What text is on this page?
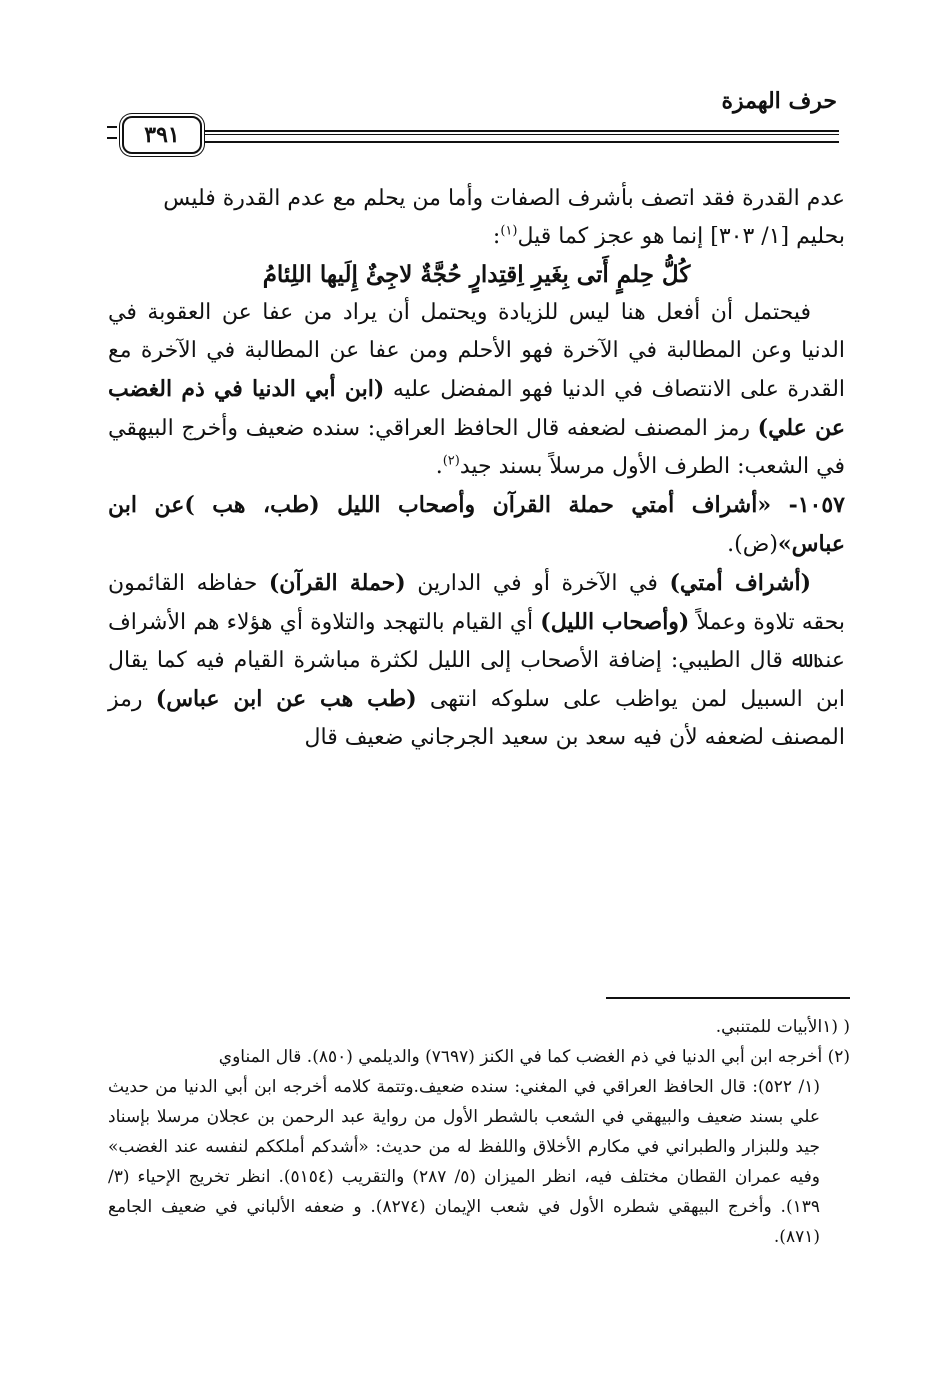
حرف الهمزة
٣٩١

عدم القدرة فقد اتصف بأشرف الصفات وأما من يحلم مع عدم القدرة فليس

بحليم [١/ ٣٠٣] إنما هو عجز كما قيل$^{(١)}$:

كُلُّ حِلمٍ أَتى بِغَيرِ اِقتِدارٍ حُجَّةٌ لاجِئٌ إِلَيها اللِئامُ

فيحتمل أن أفعل هنا ليس للزيادة ويحتمل أن يراد من عفا عن العقوبة في الدنيا وعن المطالبة في الآخرة فهو الأحلم ومن عفا عن المطالبة في الآخرة مع القدرة على الانتصاف في الدنيا فهو المفضل عليه (ابن أبي الدنيا في ذم الغضب عن علي) رمز المصنف لضعفه قال الحافظ العراقي: سنده ضعيف وأخرج البيهقي في الشعب: الطرف الأول مرسلاً بسند جيد$^{(٢)}$.

١٠٥٧- «أشراف أمتي حملة القرآن وأصحاب الليل (طب، هب )عن ابن عباس»(ض).

(أشراف أمتي) في الآخرة أو في الدارين (حملة القرآن) حفاظه القائمون بحقه تلاوة وعملاً (وأصحاب الليل) أي القيام بالتهجد والتلاوة أي هؤلاء هم الأشراف عند ﷲ قال الطيبي: إضافة الأصحاب إلى الليل لكثرة مباشرة القيام فيه كما يقال ابن السبيل لمن يواظب على سلوكه انتهى (طب هب عن ابن عباس) رمز المصنف لضعفه لأن فيه سعد بن سعيد الجرجاني ضعيف قال

( (١الأبيات للمتنبي.

(٢) أخرجه ابن أبي الدنيا في ذم الغضب كما في الكنز (٧٦٩٧) والديلمي (٨٥٠). قال المناوي

(١/ ٥٢٢): قال الحافظ العراقي في المغني: سنده ضعيف.وتتمة كلامه أخرجه ابن أبي الدنيا من حديث علي بسند ضعيف والبيهقي في الشعب بالشطر الأول من رواية عبد الرحمن بن عجلان مرسلا بإسناد جيد وللبزار والطبراني في مكارم الأخلاق واللفظ له من حديث: «أشدكم أملككم لنفسه عند الغضب» وفيه عمران القطان مختلف فيه، انظر الميزان (٥/ ٢٨٧) والتقريب (٥١٥٤). انظر تخريج الإحياء (٣/ ١٣٩). وأخرج البيهقي شطره الأول في شعب الإيمان (٨٢٧٤). و ضعفه الألباني في ضعيف الجامع (٨٧١).
